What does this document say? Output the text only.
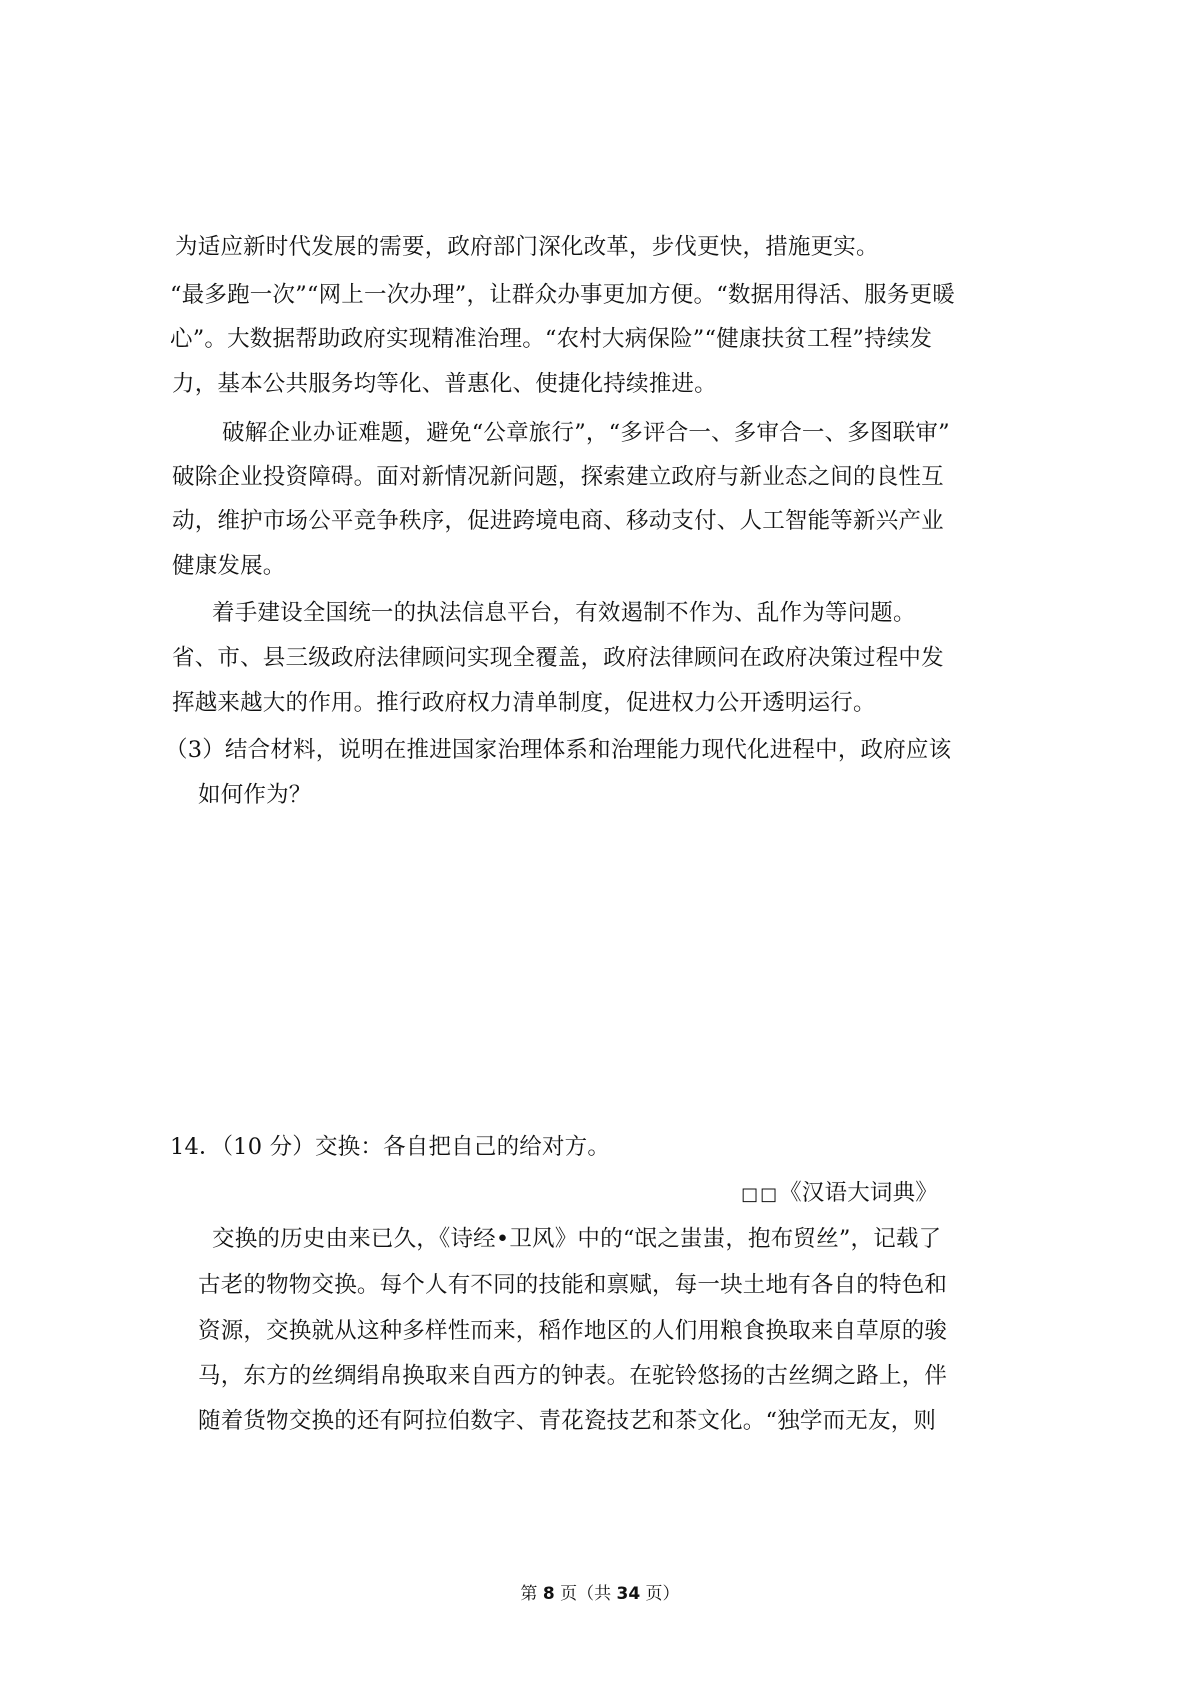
为适应新时代发展的需要，政府部门深化改革，步伐更快，措施更实。
“最多跑一次”“网上一次办理”，让群众办事更加方便。“数据用得活、服务更暖
心”。大数据帮助政府实现精准治理。“农村大病保险”“健康扶贫工程”持续发
力，基本公共服务均等化、普惠化、使捷化持续推进。
破解企业办证难题，避免“公章旅行”，“多评合一、多审合一、多图联审”
破除企业投资障碍。面对新情况新问题，探索建立政府与新业态之间的良性互
动，维护市场公平竞争秩序，促进跨境电商、移动支付、人工智能等新兴产业
健康发展。
着手建设全国统一的执法信息平台，有效遏制不作为、乱作为等问题。
省、市、县三级政府法律顾问实现全覆盖，政府法律顾问在政府决策过程中发
挥越来越大的作用。推行政府权力清单制度，促进权力公开透明运行。
（3）结合材料，说明在推进国家治理体系和治理能力现代化进程中，政府应该
如何作为？
14．（10 分）交换：各自把自己的给对方。
□□《汉语大词典》
交换的历史由来已久，《诗经•卫风》中的“氓之蚩蚩，抱布贸丝”，记载了
古老的物物交换。每个人有不同的技能和禀赋，每一块土地有各自的特色和
资源，交换就从这种多样性而来，稻作地区的人们用粮食换取来自草原的骏
马，东方的丝绸绢帛换取来自西方的钟表。在驼铃悠扬的古丝绸之路上，伴
随着货物交换的还有阿拉伯数字、青花瓷技艺和茶文化。“独学而无友，则
第 8 页（共 34 页）
